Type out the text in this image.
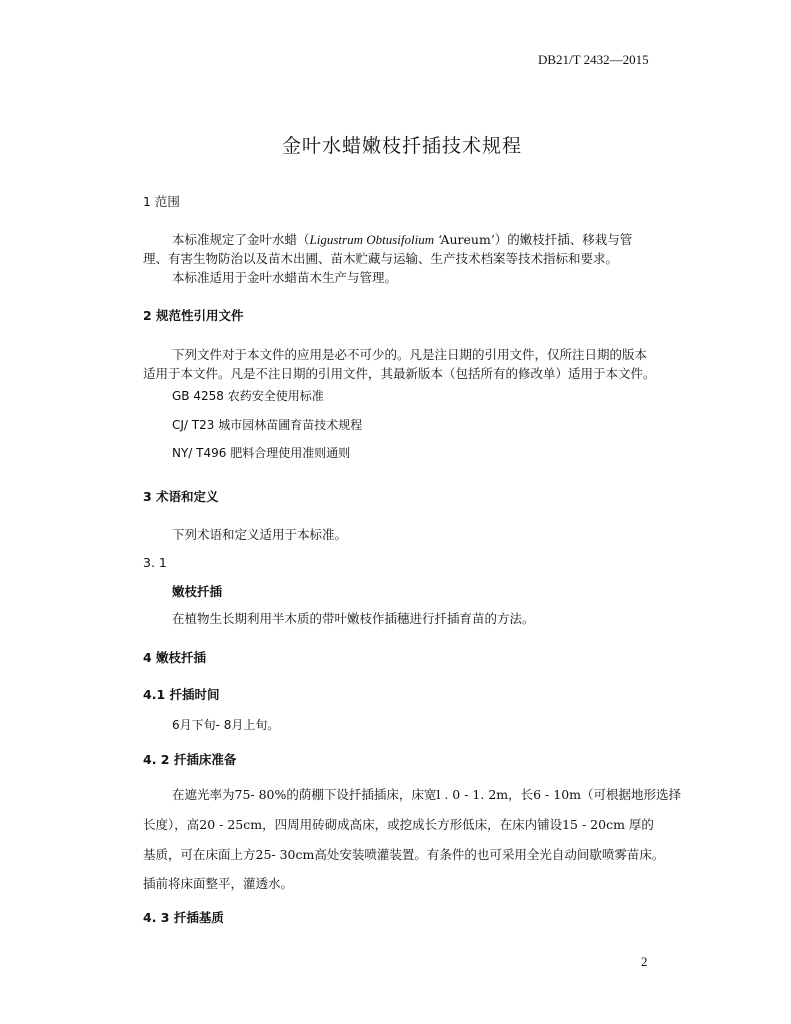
DB21/T 2432—2015
金叶水蜡嫩枝扦插技术规程
1 范围
本标准规定了金叶水蜡（Ligustrum Obtusifolium ‘Aureum’）的嫩枝扦插、移栽与管
理、有害生物防治以及苗木出圃、苗木贮藏与运输、生产技术档案等技术指标和要求。
本标准适用于金叶水蜡苗木生产与管理。
2 规范性引用文件
下列文件对于本文件的应用是必不可少的。凡是注日期的引用文件，仅所注日期的版本
适用于本文件。凡是不注日期的引用文件，其最新版本（包括所有的修改单）适用于本文件。
GB 4258 农药安全使用标准
CJ/ T23 城市园林苗圃育苗技术规程
NY/ T496 肥料合理使用准则通则
3 术语和定义
下列术语和定义适用于本标准。
3. 1
嫩枝扦插
在植物生长期利用半木质的带叶嫩枝作插穗进行扦插育苗的方法。
4 嫩枝扦插
4.1 扦插时间
6月下旬- 8月上旬。
4. 2 扦插床准备
在遮光率为75- 80%的荫棚下设扦插插床，床宽l . 0 - 1. 2m，长6 - 10m（可根据地形选择
长度），高20 - 25cm，四周用砖砌成高床，或挖成长方形低床，在床内铺设15 - 20cm 厚的
基质，可在床面上方25- 30cm高处安装喷灌装置。有条件的也可采用全光自动间歇喷雾苗床。
插前将床面整平，灌透水。
4. 3 扦插基质
2
